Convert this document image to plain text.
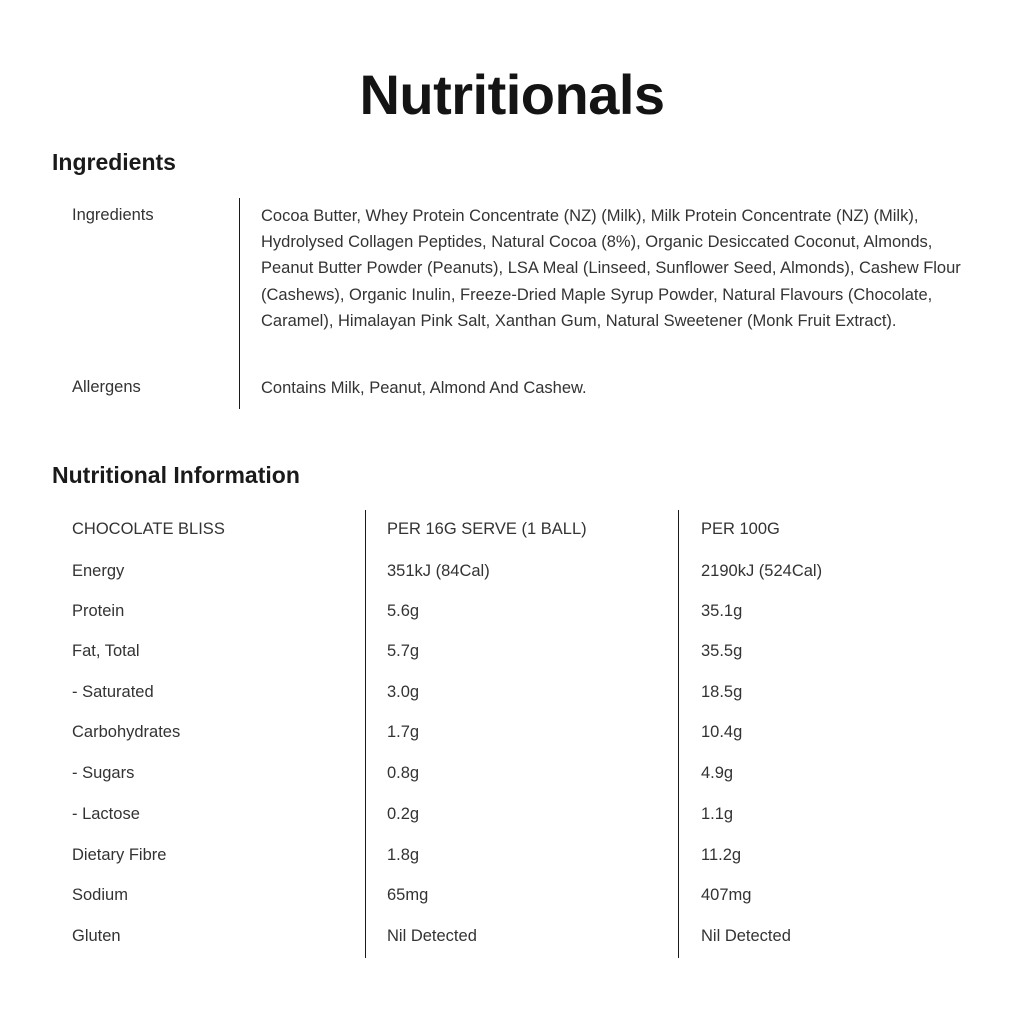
Nutritionals
Ingredients
Ingredients	Cocoa Butter, Whey Protein Concentrate (NZ) (Milk), Milk Protein Concentrate (NZ) (Milk), Hydrolysed Collagen Peptides, Natural Cocoa (8%), Organic Desiccated Coconut, Almonds, Peanut Butter Powder (Peanuts), LSA Meal (Linseed, Sunflower Seed, Almonds), Cashew Flour (Cashews), Organic Inulin, Freeze-Dried Maple Syrup Powder, Natural Flavours (Chocolate, Caramel), Himalayan Pink Salt, Xanthan Gum, Natural Sweetener (Monk Fruit Extract).
Allergens	Contains Milk, Peanut, Almond And Cashew.
Nutritional Information
CHOCOLATE BLISS	PER 16G SERVE (1 BALL)	PER 100G
Energy	351kJ (84Cal)	2190kJ (524Cal)
Protein	5.6g	35.1g
Fat, Total	5.7g	35.5g
- Saturated	3.0g	18.5g
Carbohydrates	1.7g	10.4g
- Sugars	0.8g	4.9g
- Lactose	0.2g	1.1g
Dietary Fibre	1.8g	11.2g
Sodium	65mg	407mg
Gluten	Nil Detected	Nil Detected
